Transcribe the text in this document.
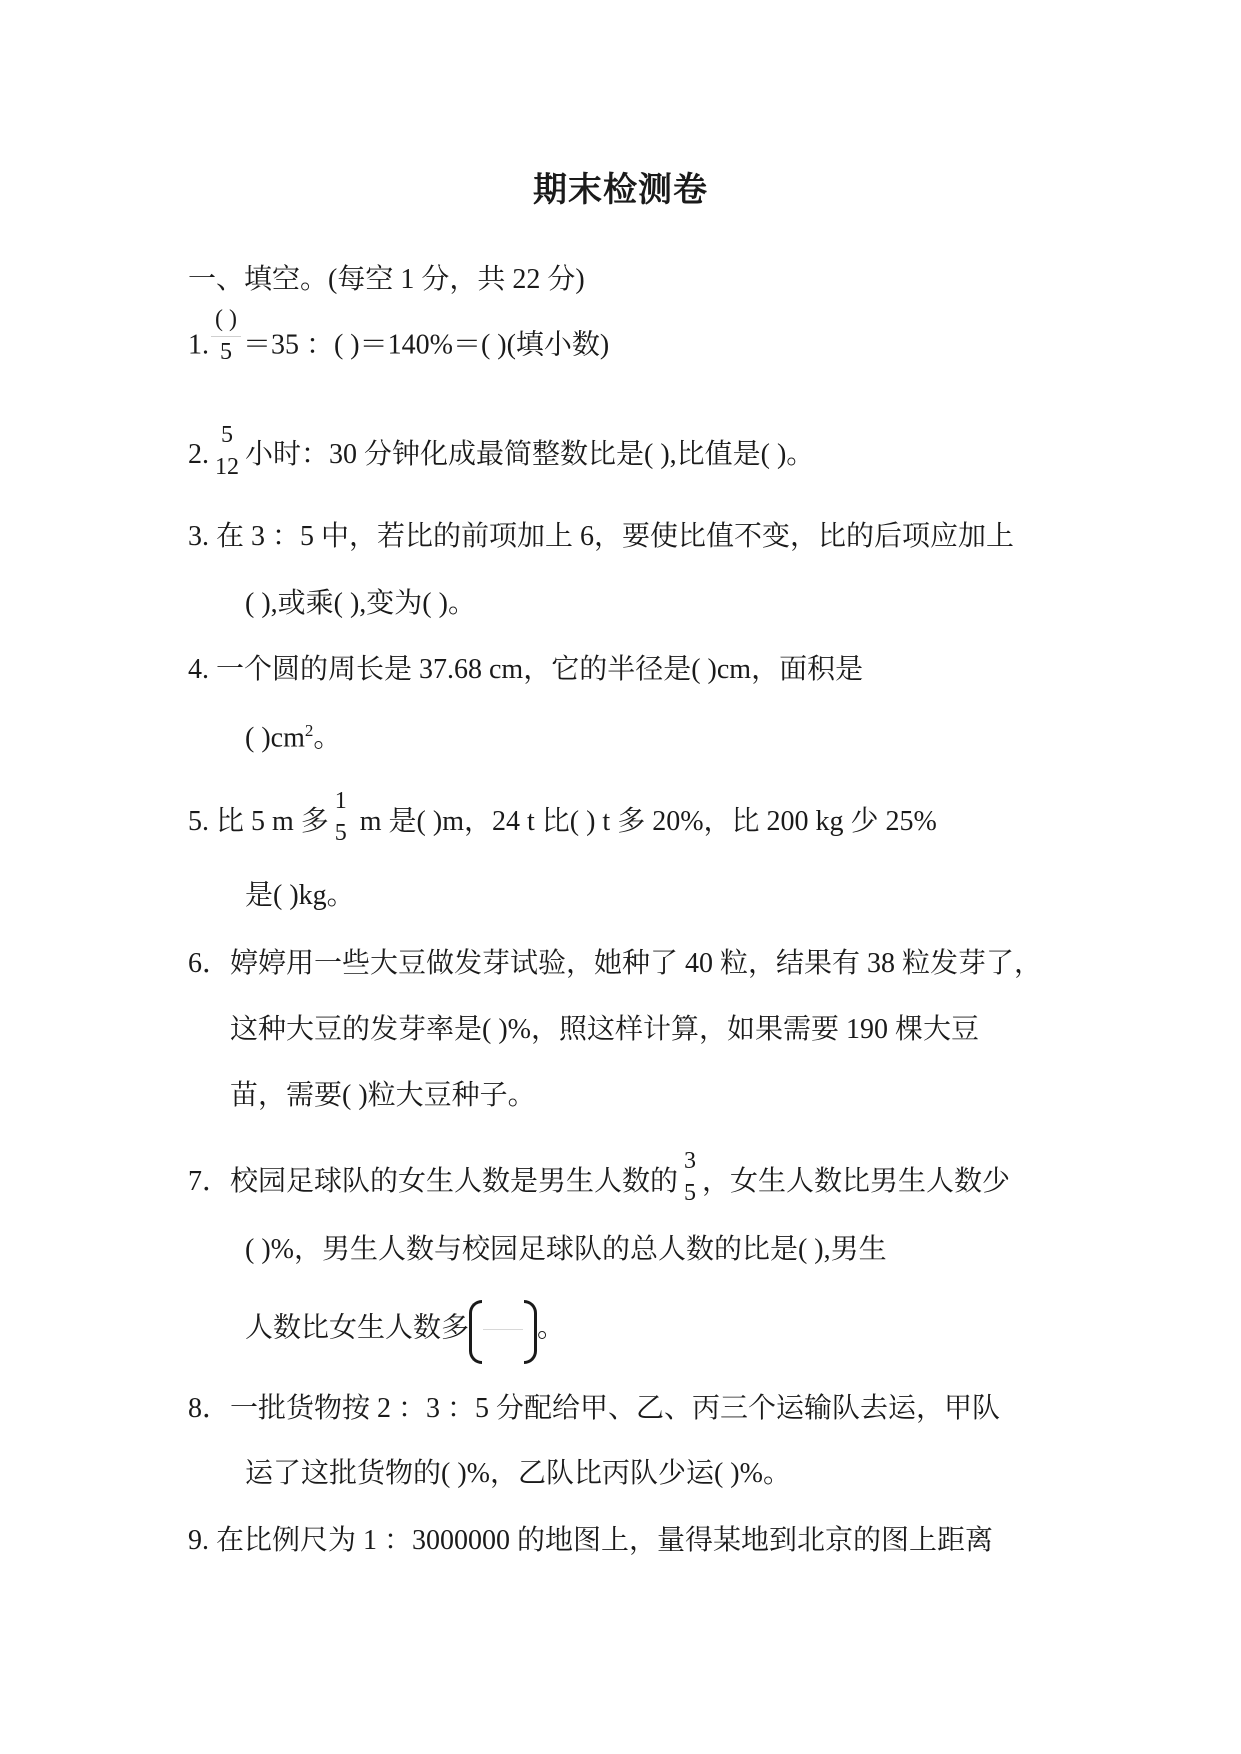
期末检测卷
一、填空。(每空 1 分，共 22 分)
1. $\frac{( )}{5} =35$ ：( )＝140%＝( )(填小数)
2.
5
12 小时：30 分钟化成最简整数比是( ),比值是( )。
3. 在 3 ：5 中，若比的前项加上 6，要使比值不变，比的后项应加上
( ),或乘( ),变为( )。
4. 一个圆的周长是 37.68 cm，它的半径是( )cm，面积是
( )$cm^2$。
5. 比 5 m 多
1
5 m 是( )m，24 t 比( ) t 多 20%，比 200 kg 少 25%
是( )kg。
6．婷婷用一些大豆做发芽试验，她种了 40 粒，结果有 38 粒发芽了，
这种大豆的发芽率是( )%，照这样计算，如果需要 190 棵大豆
苗，需要( )粒大豆种子。
7．校园足球队的女生人数是男生人数的
3
5 ，女生人数比男生人数少
( )%，男生人数与校园足球队的总人数的比是( ),男生
人数比女生人数多 。
8．一批货物按 2 ：3 ：5 分配给甲、乙、丙三个运输队去运，甲队
运了这批货物的( )%，乙队比丙队少运( )%。
9. 在比例尺为 1 ：3000000 的地图上，量得某地到北京的图上距离
